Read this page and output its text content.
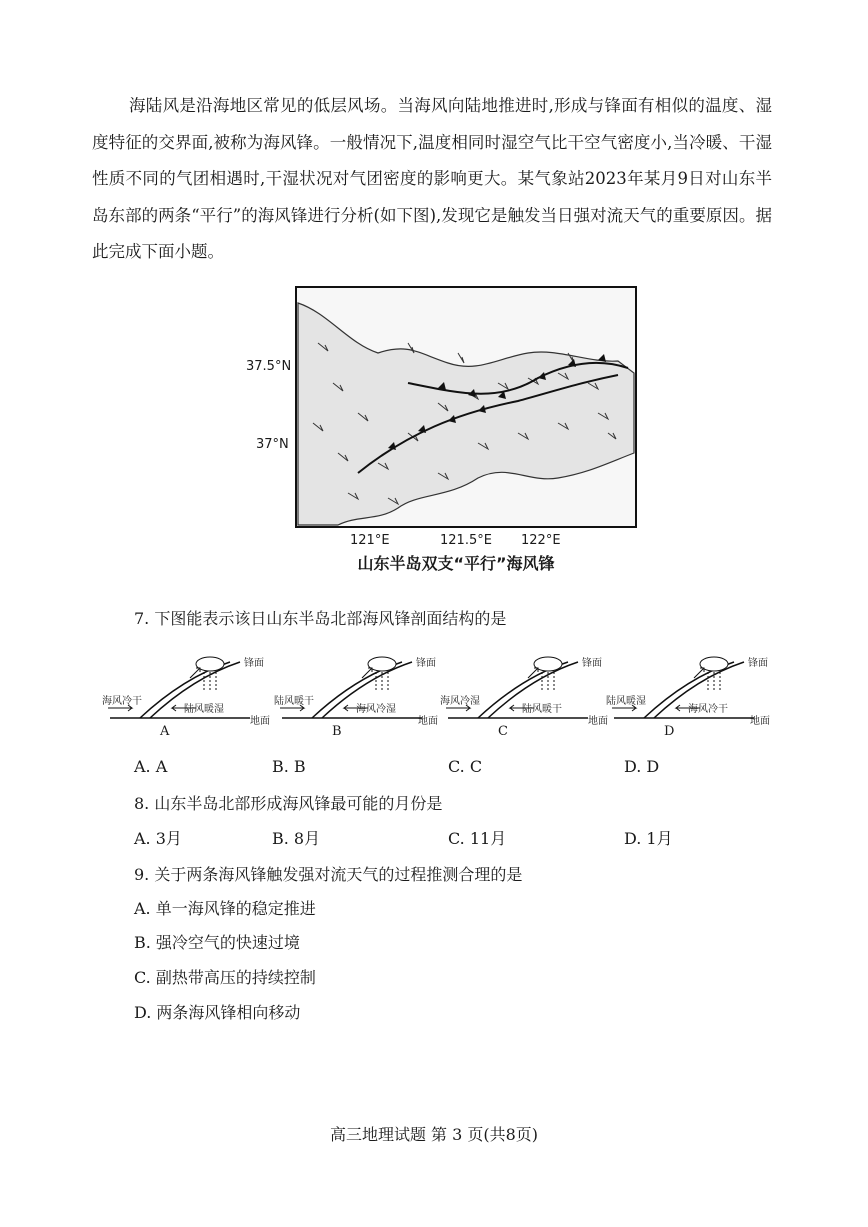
海陆风是沿海地区常见的低层风场。当海风向陆地推进时,形成与锋面有相似的温度、湿度特征的交界面,被称为海风锋。一般情况下,温度相同时湿空气比干空气密度小,当冷暖、干湿性质不同的气团相遇时,干湿状况对气团密度的影响更大。某气象站2023年某月9日对山东半岛东部的两条“平行”的海风锋进行分析(如下图),发现它是触发当日强对流天气的重要原因。据此完成下面小题。

37.5°N
37°N
121°E	121.5°E 122°E
山东半岛双支“平行”海风锋
7. 下图能表示该日山东半岛北部海风锋剖面结构的是
锋面
海风冷干
陆风暖湿
地面
A
锋面
陆风暖干
海风冷湿
地面
B
锋面
海风冷湿
陆风暖干
地面
C
锋面
陆风暖湿
海风冷干
地面
D
A. A	B. B	C. C	D. D
8. 山东半岛北部形成海风锋最可能的月份是
A. 3月	B. 8月	C. 11月	D. 1月
9. 关于两条海风锋触发强对流天气的过程推测合理的是
A. 单一海风锋的稳定推进
B. 强冷空气的快速过境
C. 副热带高压的持续控制
D. 两条海风锋相向移动
高三地理试题 第 3 页(共8页)
